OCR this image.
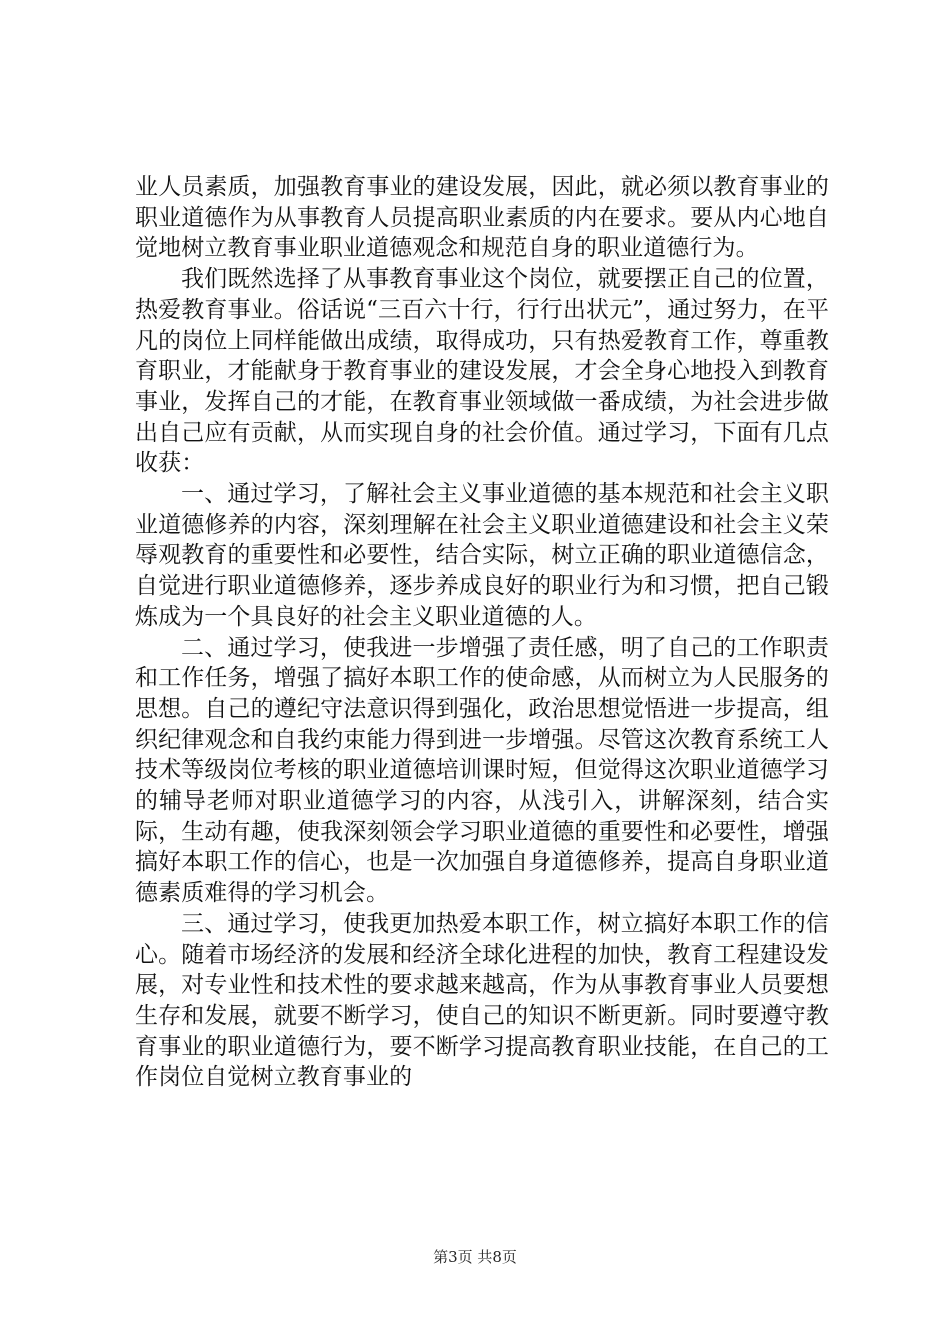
业人员素质，加强教育事业的建设发展，因此，就必须以教育事业的职业道德作为从事教育人员提高职业素质的内在要求。要从内心地自觉地树立教育事业职业道德观念和规范自身的职业道德行为。

我们既然选择了从事教育事业这个岗位，就要摆正自己的位置，热爱教育事业。俗话说“三百六十行，行行出状元”，通过努力，在平凡的岗位上同样能做出成绩，取得成功，只有热爱教育工作，尊重教育职业，才能献身于教育事业的建设发展，才会全身心地投入到教育事业，发挥自己的才能，在教育事业领域做一番成绩，为社会进步做出自己应有贡献，从而实现自身的社会价值。通过学习，下面有几点收获：

一、通过学习，了解社会主义事业道德的基本规范和社会主义职业道德修养的内容，深刻理解在社会主义职业道德建设和社会主义荣辱观教育的重要性和必要性，结合实际，树立正确的职业道德信念，自觉进行职业道德修养，逐步养成良好的职业行为和习惯，把自己锻炼成为一个具良好的社会主义职业道德的人。

二、通过学习，使我进一步增强了责任感，明了自己的工作职责和工作任务，增强了搞好本职工作的使命感，从而树立为人民服务的思想。自己的遵纪守法意识得到强化，政治思想觉悟进一步提高，组织纪律观念和自我约束能力得到进一步增强。尽管这次教育系统工人技术等级岗位考核的职业道德培训课时短，但觉得这次职业道德学习的辅导老师对职业道德学习的内容，从浅引入，讲解深刻，结合实际，生动有趣，使我深刻领会学习职业道德的重要性和必要性，增强搞好本职工作的信心，也是一次加强自身道德修养，提高自身职业道德素质难得的学习机会。

三、通过学习，使我更加热爱本职工作，树立搞好本职工作的信心。随着市场经济的发展和经济全球化进程的加快，教育工程建设发展，对专业性和技术性的要求越来越高，作为从事教育事业人员要想生存和发展，就要不断学习，使自己的知识不断更新。同时要遵守教育事业的职业道德行为，要不断学习提高教育职业技能，在自己的工作岗位自觉树立教育事业的

第3页 共8页
